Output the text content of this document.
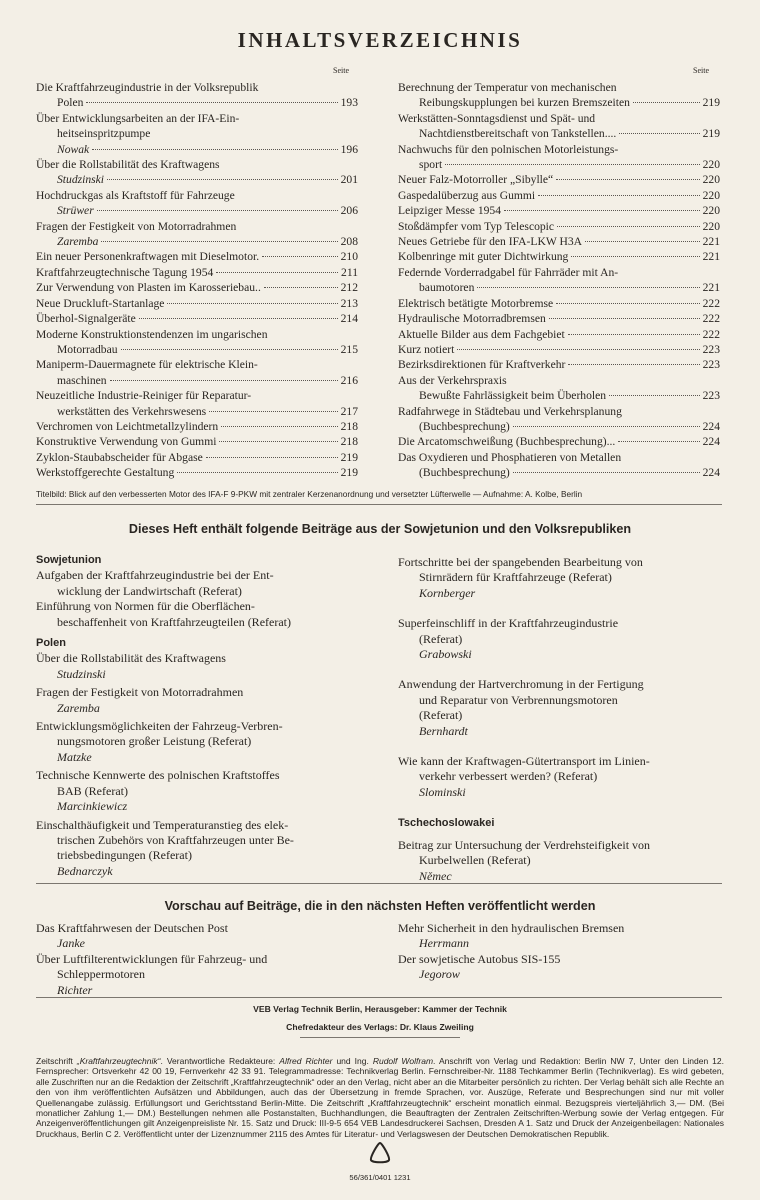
INHALTSVERZEICHNIS
Seite	Seite
Die Kraftfahrzeugindustrie in der Volksrepublik
Polen	193
Über Entwicklungsarbeiten an der IFA-Ein-
heitseinspritzpumpe
Nowak	196
Über die Rollstabilität des Kraftwagens
Studzinski	201
Hochdruckgas als Kraftstoff für Fahrzeuge
Strüwer	206
Fragen der Festigkeit von Motorradrahmen
Zaremba	208
Ein neuer Personenkraftwagen mit Dieselmotor.	210
Kraftfahrzeugtechnische Tagung 1954	211
Zur Verwendung von Plasten im Karosseriebau..	212
Neue Druckluft-Startanlage	213
Überhol-Signalgeräte	214
Moderne Konstruktionstendenzen im ungarischen
Motorradbau	215
Maniperm-Dauermagnete für elektrische Klein-
maschinen	216
Neuzeitliche Industrie-Reiniger für Reparatur-
werkstätten des Verkehrswesens	217
Verchromen von Leichtmetallzylindern	218
Konstruktive Verwendung von Gummi	218
Zyklon-Staubabscheider für Abgase	219
Werkstoffgerechte Gestaltung	219
Berechnung der Temperatur von mechanischen
Reibungskupplungen bei kurzen Bremszeiten	219
Werkstätten-Sonntagsdienst und Spät- und
Nachtdienstbereitschaft von Tankstellen....	219
Nachwuchs für den polnischen Motorleistungs-
sport	220
Neuer Falz-Motorroller „Sibylle“	220
Gaspedalüberzug aus Gummi	220
Leipziger Messe 1954	220
Stoßdämpfer vom Typ Telescopic	220
Neues Getriebe für den IFA-LKW H3A	221
Kolbenringe mit guter Dichtwirkung	221
Federnde Vorderradgabel für Fahrräder mit An-
baumotoren	221
Elektrisch betätigte Motorbremse	222
Hydraulische Motorradbremsen	222
Aktuelle Bilder aus dem Fachgebiet	222
Kurz notiert	223
Bezirksdirektionen für Kraftverkehr	223
Aus der Verkehrspraxis
Bewußte Fahrlässigkeit beim Überholen	223
Radfahrwege in Städtebau und Verkehrsplanung
(Buchbesprechung)	224
Die Arcatomschweißung (Buchbesprechung)...	224
Das Oxydieren und Phosphatieren von Metallen
(Buchbesprechung)	224
Titelbild: Blick auf den verbesserten Motor des IFA-F 9-PKW mit zentraler Kerzenanordnung und versetzter Lüfterwelle — Aufnahme: A. Kolbe, Berlin
Dieses Heft enthält folgende Beiträge aus der Sowjetunion und den Volksrepubliken
Sowjetunion
Aufgaben der Kraftfahrzeugindustrie bei der Ent-
wicklung der Landwirtschaft (Referat)
Einführung von Normen für die Oberflächen-
beschaffenheit von Kraftfahrzeugteilen (Referat)
Polen
Über die Rollstabilität des Kraftwagens
Studzinski
Fragen der Festigkeit von Motorradrahmen
Zaremba
Entwicklungsmöglichkeiten der Fahrzeug-Verbren-
nungsmotoren großer Leistung (Referat)
Matzke
Technische Kennwerte des polnischen Kraftstoffes
BAB (Referat)
Marcinkiewicz
Einschalthäufigkeit und Temperaturanstieg des elek-
trischen Zubehörs von Kraftfahrzeugen unter Be-
triebsbedingungen (Referat)
Bednarczyk
Fortschritte bei der spangebenden Bearbeitung von
Stirnrädern für Kraftfahrzeuge (Referat)
Kornberger
Superfeinschliff in der Kraftfahrzeugindustrie
(Referat)
Grabowski
Anwendung der Hartverchromung in der Fertigung
und Reparatur von Verbrennungsmotoren
(Referat)
Bernhardt
Wie kann der Kraftwagen-Gütertransport im Linien-
verkehr verbessert werden? (Referat)
Slominski
Tschechoslowakei
Beitrag zur Untersuchung der Verdrehsteifigkeit von
Kurbelwellen (Referat)
Němec
Vorschau auf Beiträge, die in den nächsten Heften veröffentlicht werden
Das Kraftfahrwesen der Deutschen Post
Janke
Über Luftfilterentwicklungen für Fahrzeug- und
Schleppermotoren
Richter
Mehr Sicherheit in den hydraulischen Bremsen
Herrmann
Der sowjetische Autobus SIS-155
Jegorow
VEB Verlag Technik Berlin, Herausgeber: Kammer der Technik
Chefredakteur des Verlags: Dr. Klaus Zweiling
Zeitschrift „Kraftfahrzeugtechnik“. Verantwortliche Redakteure: Alfred Richter und Ing. Rudolf Wolfram. Anschrift von Verlag und Redaktion: Berlin NW 7, Unter den Linden 12. Fernsprecher: Ortsverkehr 42 00 19, Fernverkehr 42 33 91. Telegrammadresse: Technikverlag Berlin. Fernschreiber-Nr. 1188 Techkammer Berlin (Technikverlag). Es wird gebeten, alle Zuschriften nur an die Redaktion der Zeitschrift „Kraftfahrzeugtechnik“ oder an den Verlag, nicht aber an die Mitarbeiter persönlich zu richten. Der Verlag behält sich alle Rechte an den von ihm veröffentlichten Aufsätzen und Abbildungen, auch das der Übersetzung in fremde Sprachen, vor. Auszüge, Referate und Besprechungen sind nur mit voller Quellenangabe zulässig. Erfüllungsort und Gerichtsstand Berlin-Mitte. Die Zeitschrift „Kraftfahrzeugtechnik“ erscheint monatlich einmal. Bezugspreis vierteljährlich 3,— DM. (Bei monatlicher Zahlung 1,— DM.) Bestellungen nehmen alle Postanstalten, Buchhandlungen, die Beauftragten der Zentralen Zeitschriften-Werbung sowie der Verlag entgegen. Für Anzeigenveröffentlichungen gilt Anzeigenpreisliste Nr. 15. Satz und Druck: III-9-5 654 VEB Landesdruckerei Sachsen, Dresden A 1. Satz und Druck der Anzeigenbeilagen: Nationales Druckhaus, Berlin C 2. Veröffentlicht unter der Lizenznummer 2115 des Amtes für Literatur- und Verlagswesen der Deutschen Demokratischen Republik.
56/361/0401 1231
